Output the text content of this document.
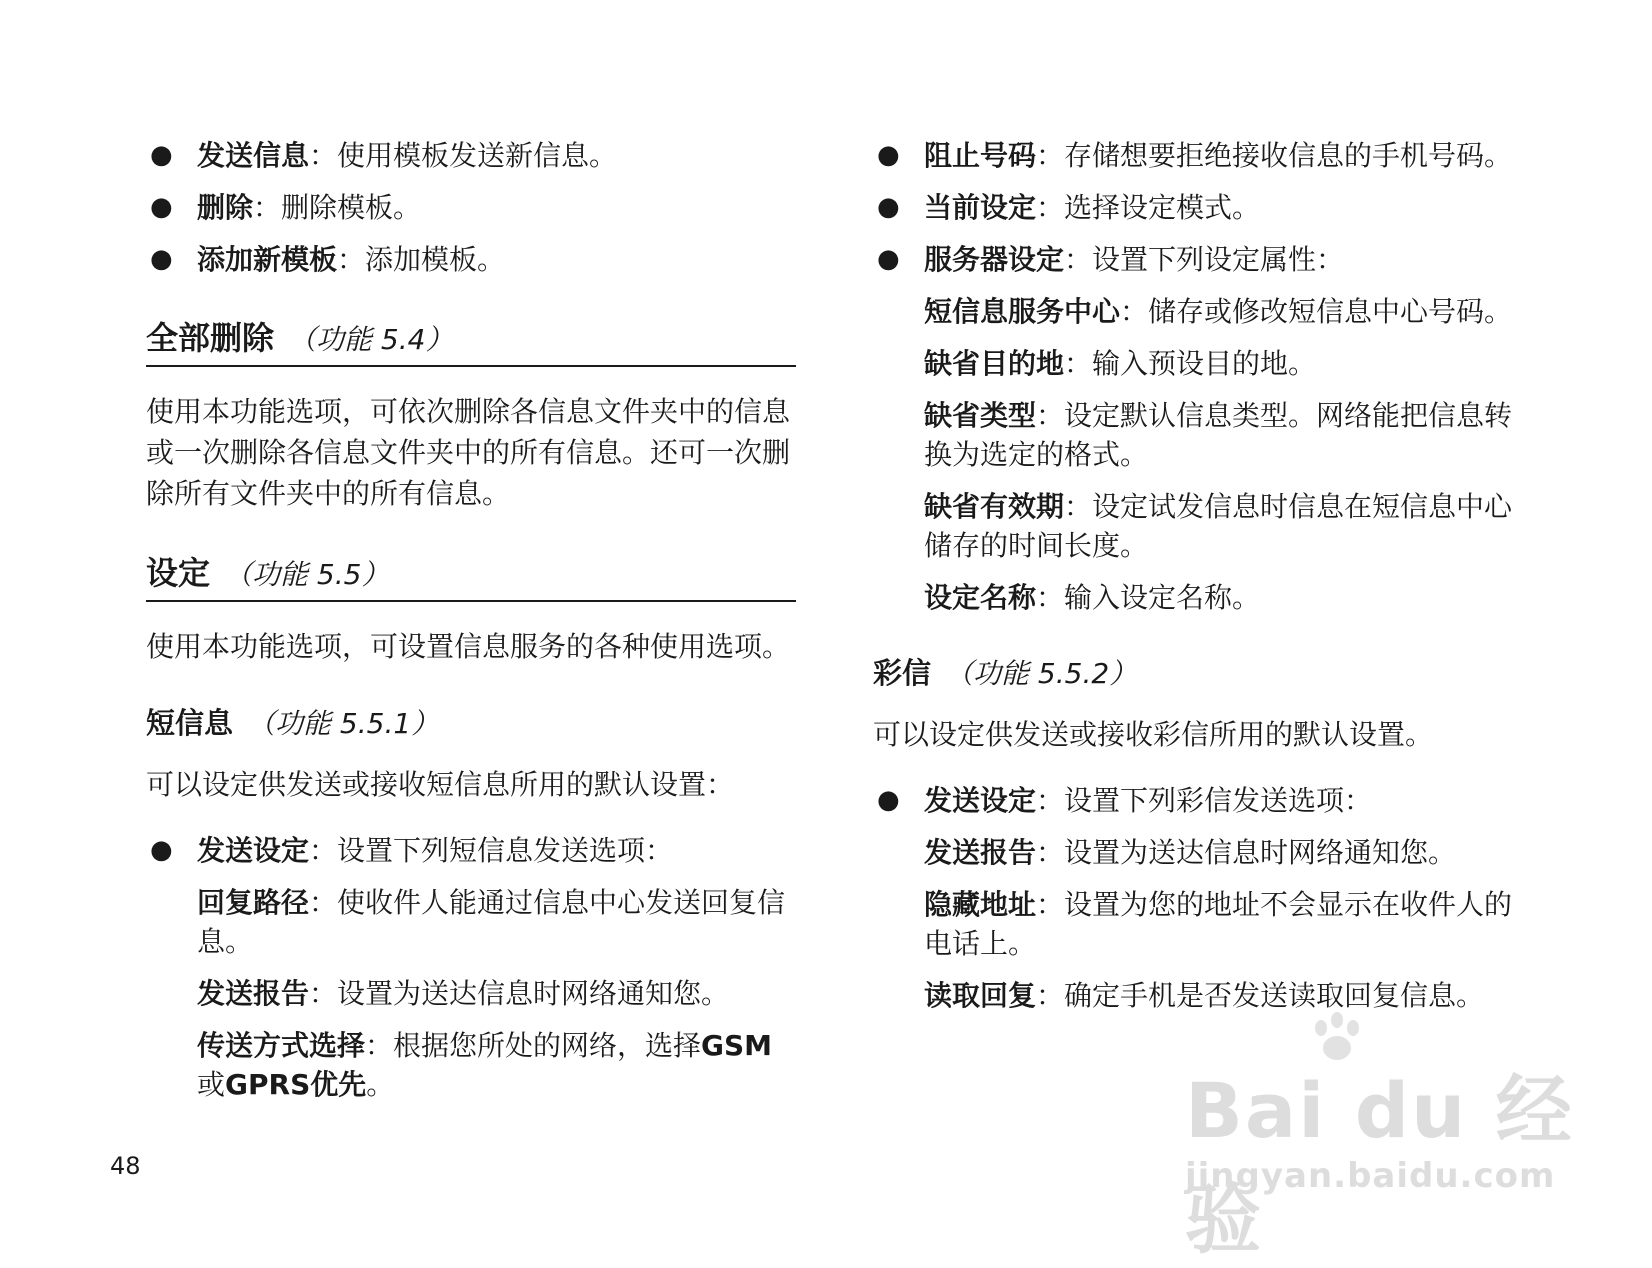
● 发送信息：使用模板发送新信息。
● 删除：删除模板。
● 添加新模板：添加模板。
全部删除 （功能 5.4）
使用本功能选项，可依次删除各信息文件夹中的信息或一次删除各信息文件夹中的所有信息。还可一次删除所有文件夹中的所有信息。
设定 （功能 5.5）
使用本功能选项，可设置信息服务的各种使用选项。
短信息 （功能 5.5.1）
可以设定供发送或接收短信息所用的默认设置：
● 发送设定：设置下列短信息发送选项：
回复路径：使收件人能通过信息中心发送回复信息。
发送报告：设置为送达信息时网络通知您。
传送方式选择：根据您所处的网络，选择GSM或GPRS优先。
● 阻止号码：存储想要拒绝接收信息的手机号码。
● 当前设定：选择设定模式。
● 服务器设定：设置下列设定属性：
短信息服务中心：储存或修改短信息中心号码。
缺省目的地：输入预设目的地。
缺省类型：设定默认信息类型。网络能把信息转换为选定的格式。
缺省有效期：设定试发信息时信息在短信息中心储存的时间长度。
设定名称：输入设定名称。
彩信 （功能 5.5.2）
可以设定供发送或接收彩信所用的默认设置。
● 发送设定：设置下列彩信发送选项：
发送报告：设置为送达信息时网络通知您。
隐藏地址：设置为您的地址不会显示在收件人的电话上。
读取回复：确定手机是否发送读取回复信息。
48
Bai du 经验
jingyan.baidu.com
